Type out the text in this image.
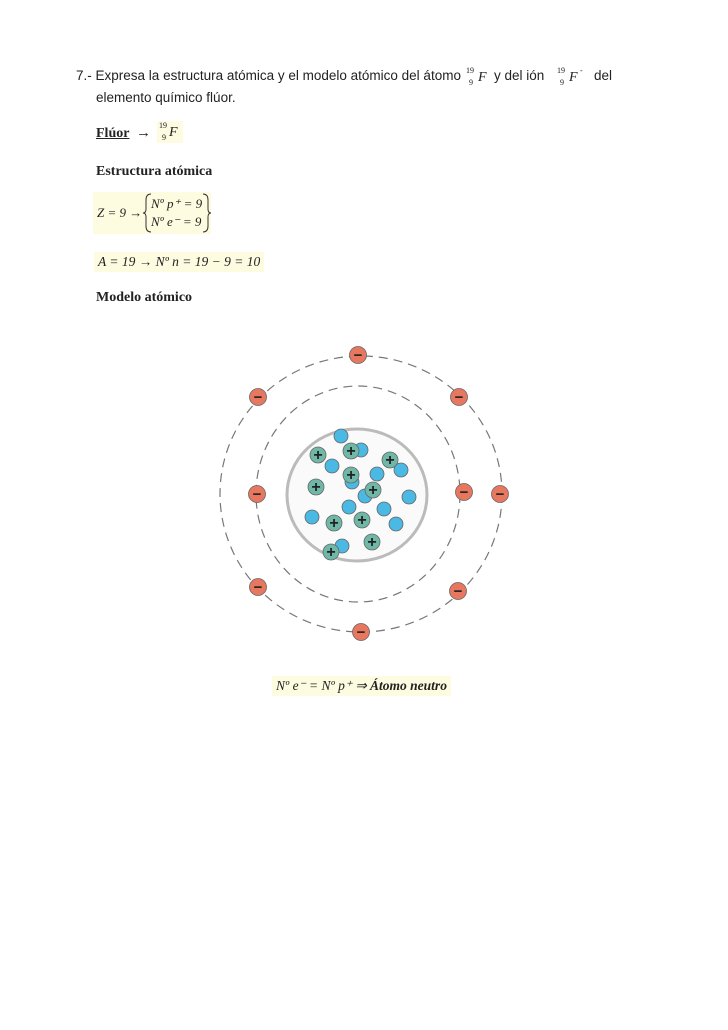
7.- Expresa la estructura atómica y el modelo atómico del átomo 19
9 F y del ión 19
9 F - del
elemento químico flúor.
Flúor → 19
9 F
Estructura atómica
Z = 9 →
Nº p⁺ = 9
Nº e⁻ = 9
A = 19 → Nº n = 19 − 9 = 10
Modelo atómico
−
−	−
−	− −
−	−
−
+ +
+
+
+
+
+ +
+
+
Nº e⁻ = Nº p⁺ ⇒ Átomo neutro
